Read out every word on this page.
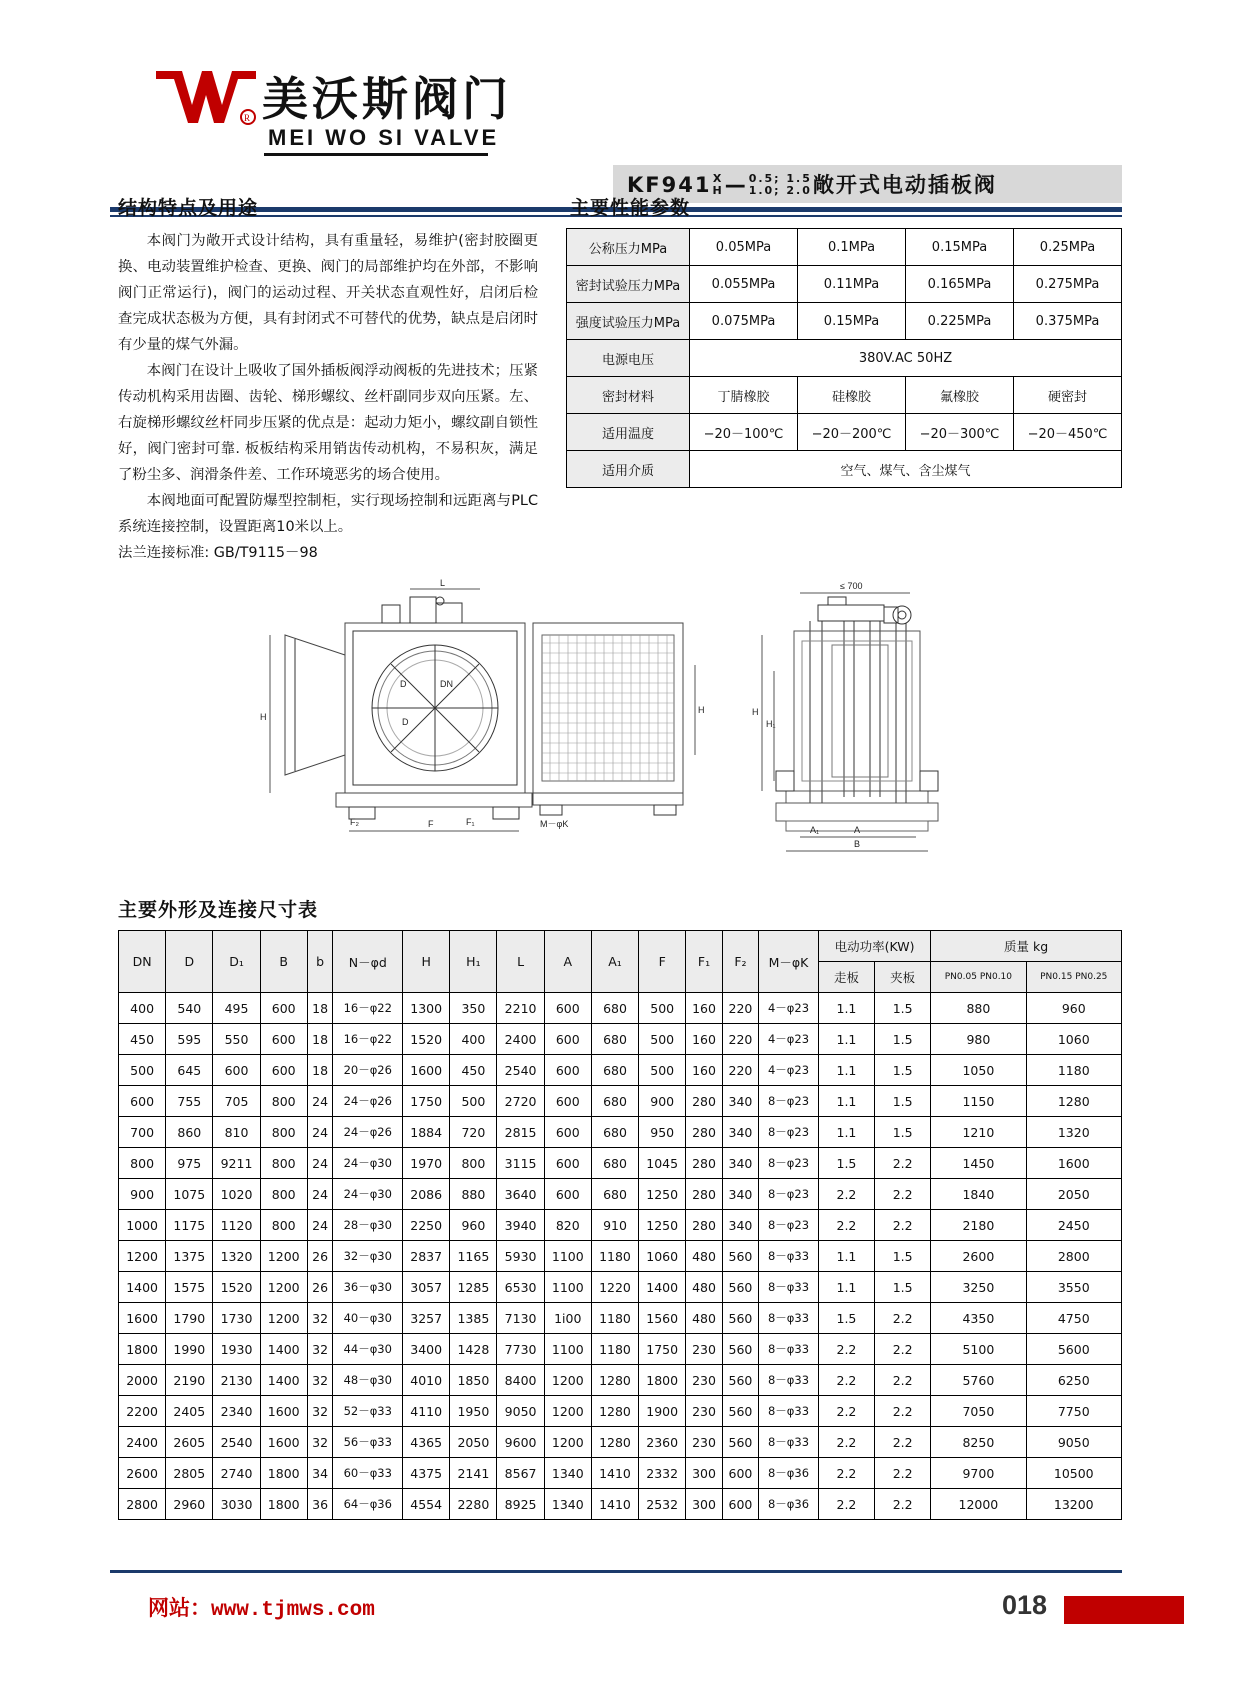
R 美沃斯阀门
MEI WO SI VALVE
KF941 X
H — 0.5; 1.5
1.0; 2.0 敞开式电动插板阀
结构特点及用途	主要性能参数
主要外形及连接尺寸表

本阀门为敞开式设计结构，具有重量轻，易维护(密封胶圈更换、电动装置维护检查、更换、阀门的局部维护均在外部，不影响阀门正常运行)，阀门的运动过程、开关状态直观性好，启闭后检查完成状态极为方便，具有封闭式不可替代的优势，缺点是启闭时有少量的煤气外漏。

本阀门在设计上吸收了国外插板阀浮动阀板的先进技术；压紧传动机构采用齿圈、齿轮、梯形螺纹、丝杆副同步双向压紧。左、右旋梯形螺纹丝杆同步压紧的优点是：起动力矩小，螺纹副自锁性好，阀门密封可靠. 板板结构采用销齿传动机构，不易积灰，满足了粉尘多、润滑条件差、工作环境恶劣的场合使用。

本阀地面可配置防爆型控制柜，实行现场控制和远距离与PLC系统连接控制，设置距离10米以上。

法兰连接标准: GB/T9115－98

公称压力MPa	0.05MPa	0.1MPa	0.15MPa	0.25MPa
密封试验压力MPa	0.055MPa	0.11MPa	0.165MPa	0.275MPa
强度试验压力MPa	0.075MPa	0.15MPa	0.225MPa	0.375MPa
电源电压	380V.AC 50HZ			
密封材料	丁腈橡胶	硅橡胶	氟橡胶	硬密封
适用温度	−20－100℃	−20－200℃	−20－300℃	−20－450℃
适用介质	空气、煤气、含尘煤气			
D	DN
D
L
H
H
F₂	F	F₁	M－φK
≤ 700
H
H₁
A
B
A₁
DN	D	D₁	B	b	N－φd	H	H₁	L	A	A₁	F	F₁	F₂	M－φK	电动功率(KW)		质量 kg	
															走板	夹板	PN0.05 PN0.10	PN0.15 PN0.25
400	540	495	600	18	16－φ22	1300	350	2210	600	680	500	160	220	4－φ23	1.1	1.5	880	960
450	595	550	600	18	16－φ22	1520	400	2400	600	680	500	160	220	4－φ23	1.1	1.5	980	1060
500	645	600	600	18	20－φ26	1600	450	2540	600	680	500	160	220	4－φ23	1.1	1.5	1050	1180
600	755	705	800	24	24－φ26	1750	500	2720	600	680	900	280	340	8－φ23	1.1	1.5	1150	1280
700	860	810	800	24	24－φ26	1884	720	2815	600	680	950	280	340	8－φ23	1.1	1.5	1210	1320
800	975	9211	800	24	24－φ30	1970	800	3115	600	680	1045	280	340	8－φ23	1.5	2.2	1450	1600
900	1075	1020	800	24	24－φ30	2086	880	3640	600	680	1250	280	340	8－φ23	2.2	2.2	1840	2050
1000	1175	1120	800	24	28－φ30	2250	960	3940	820	910	1250	280	340	8－φ23	2.2	2.2	2180	2450
1200	1375	1320	1200	26	32－φ30	2837	1165	5930	1100	1180	1060	480	560	8－φ33	1.1	1.5	2600	2800
1400	1575	1520	1200	26	36－φ30	3057	1285	6530	1100	1220	1400	480	560	8－φ33	1.1	1.5	3250	3550
1600	1790	1730	1200	32	40－φ30	3257	1385	7130	1i00	1180	1560	480	560	8－φ33	1.5	2.2	4350	4750
1800	1990	1930	1400	32	44－φ30	3400	1428	7730	1100	1180	1750	230	560	8－φ33	2.2	2.2	5100	5600
2000	2190	2130	1400	32	48－φ30	4010	1850	8400	1200	1280	1800	230	560	8－φ33	2.2	2.2	5760	6250
2200	2405	2340	1600	32	52－φ33	4110	1950	9050	1200	1280	1900	230	560	8－φ33	2.2	2.2	7050	7750
2400	2605	2540	1600	32	56－φ33	4365	2050	9600	1200	1280	2360	230	560	8－φ33	2.2	2.2	8250	9050
2600	2805	2740	1800	34	60－φ33	4375	2141	8567	1340	1410	2332	300	600	8－φ36	2.2	2.2	9700	10500
2800	2960	3030	1800	36	64－φ36	4554	2280	8925	1340	1410	2532	300	600	8－φ36	2.2	2.2	12000	13200
网站：www.tjmws.com	018
